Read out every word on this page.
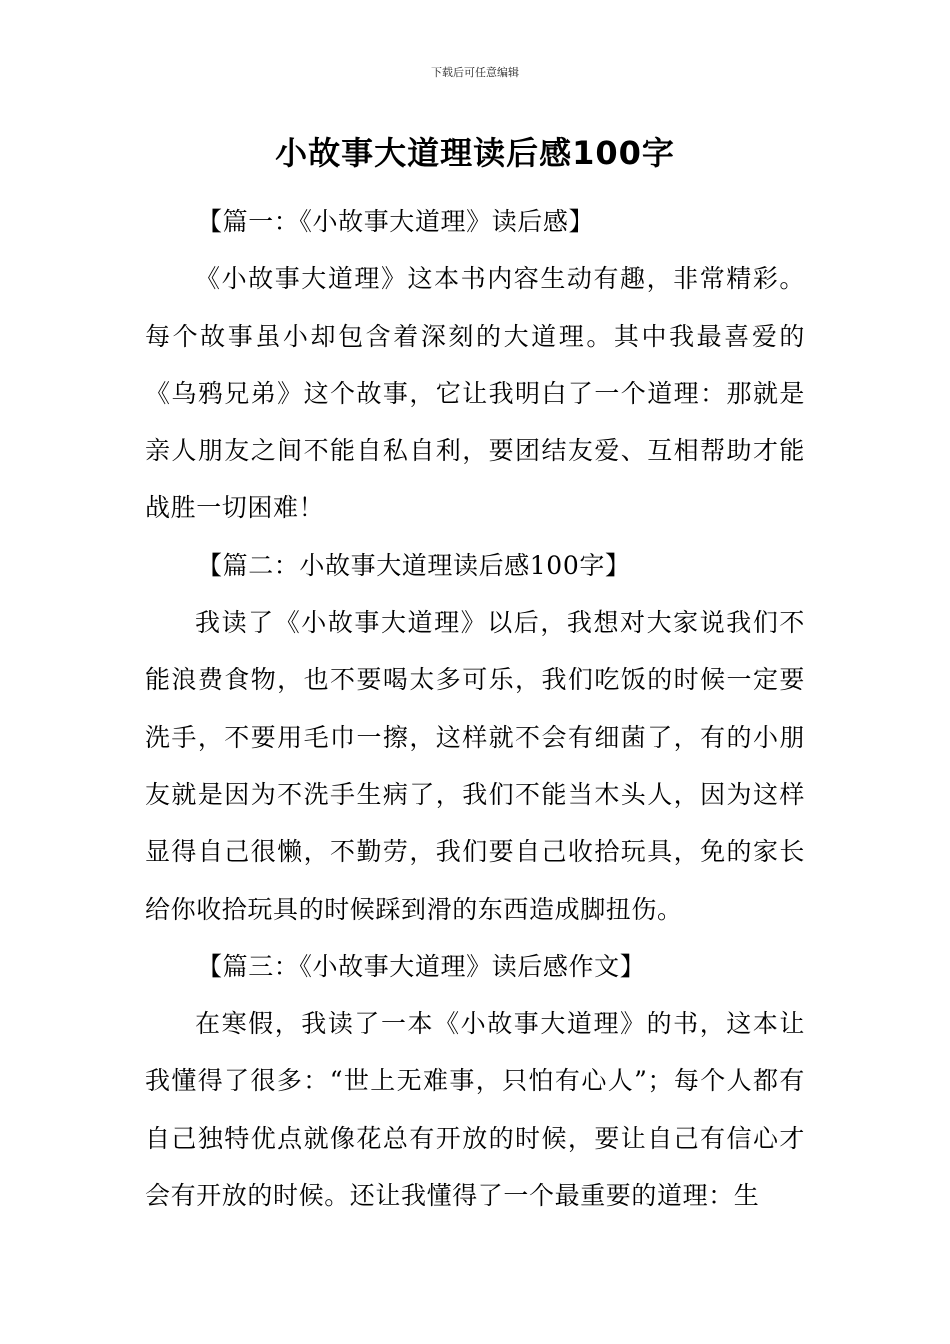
下载后可任意编辑
小故事大道理读后感100字

【篇一：《小故事大道理》读后感】

《小故事大道理》这本书内容生动有趣，非常精彩。每个故事虽小却包含着深刻的大道理。其中我最喜爱的《乌鸦兄弟》这个故事，它让我明白了一个道理：那就是亲人朋友之间不能自私自利，要团结友爱、互相帮助才能战胜一切困难！

【篇二：小故事大道理读后感100字】

我读了《小故事大道理》以后，我想对大家说我们不能浪费食物，也不要喝太多可乐，我们吃饭的时候一定要洗手，不要用毛巾一擦，这样就不会有细菌了，有的小朋友就是因为不洗手生病了，我们不能当木头人，因为这样显得自己很懒，不勤劳，我们要自己收拾玩具，免的家长给你收拾玩具的时候踩到滑的东西造成脚扭伤。

【篇三：《小故事大道理》读后感作文】

在寒假，我读了一本《小故事大道理》的书，这本让我懂得了很多：“世上无难事，只怕有心人”；每个人都有自己独特优点就像花总有开放的时候，要让自己有信心才会有开放的时候。还让我懂得了一个最重要的道理：生
